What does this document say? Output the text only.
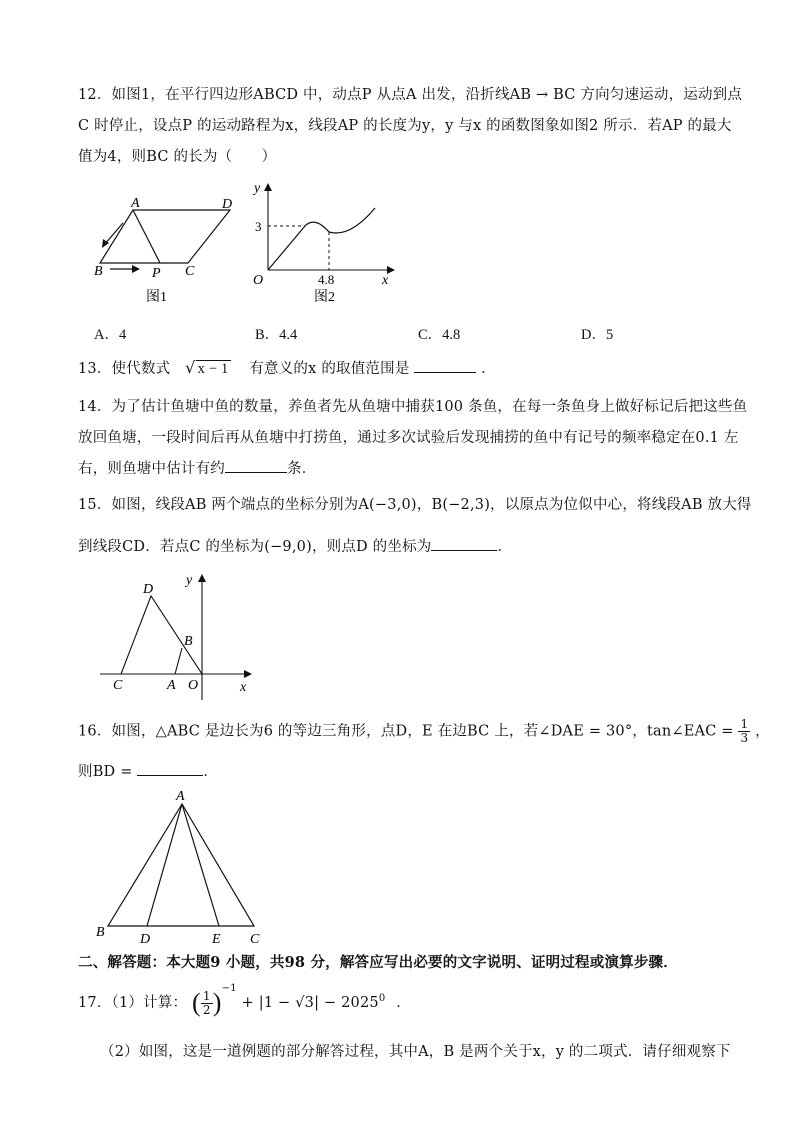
12．如图1，在平行四边形ABCD 中，动点P 从点A 出发，沿折线AB → BC 方向匀速运动，运动到点
C 时停止，设点P 的运动路程为x，线段AP 的长度为y，y 与x 的函数图象如图2 所示．若AP 的最大
值为4，则BC 的长为（　　）
A	D
B	P C
图1
y
x
O
3
4.8
图2
A．4	B．4.4	C．4.8	D．5
13．使代数式 √ x − 1 有意义的x 的取值范围是	．
14．为了估计鱼塘中鱼的数量，养鱼者先从鱼塘中捕获100 条鱼，在每一条鱼身上做好标记后把这些鱼
放回鱼塘，一段时间后再从鱼塘中打捞鱼，通过多次试验后发现捕捞的鱼中有记号的频率稳定在0.1 左
右，则鱼塘中估计有约	条．
15．如图，线段AB 两个端点的坐标分别为A(−3,0)，B(−2,3)，以原点为位似中心，将线段AB 放大得
到线段CD．若点C 的坐标为(−9,0)，则点D 的坐标为	．
D
B
C	A O	x
y
16．如图，△ABC 是边长为6 的等边三角形，点D，E 在边BC 上，若∠DAE = 30°，tan∠EAC = $\frac{1}{3}$ ，
则BD =	．
A
B	D	E C
二、解答题：本大题9 小题，共98 分，解答应写出必要的文字说明、证明过程或演算步骤．
17．（1）计算： ( $\frac{1}{2})^{-1} + |1 - √3| - 2025^0$ ．
（2）如图，这是一道例题的部分解答过程，其中A，B 是两个关于x，y 的二项式．请仔细观察下
